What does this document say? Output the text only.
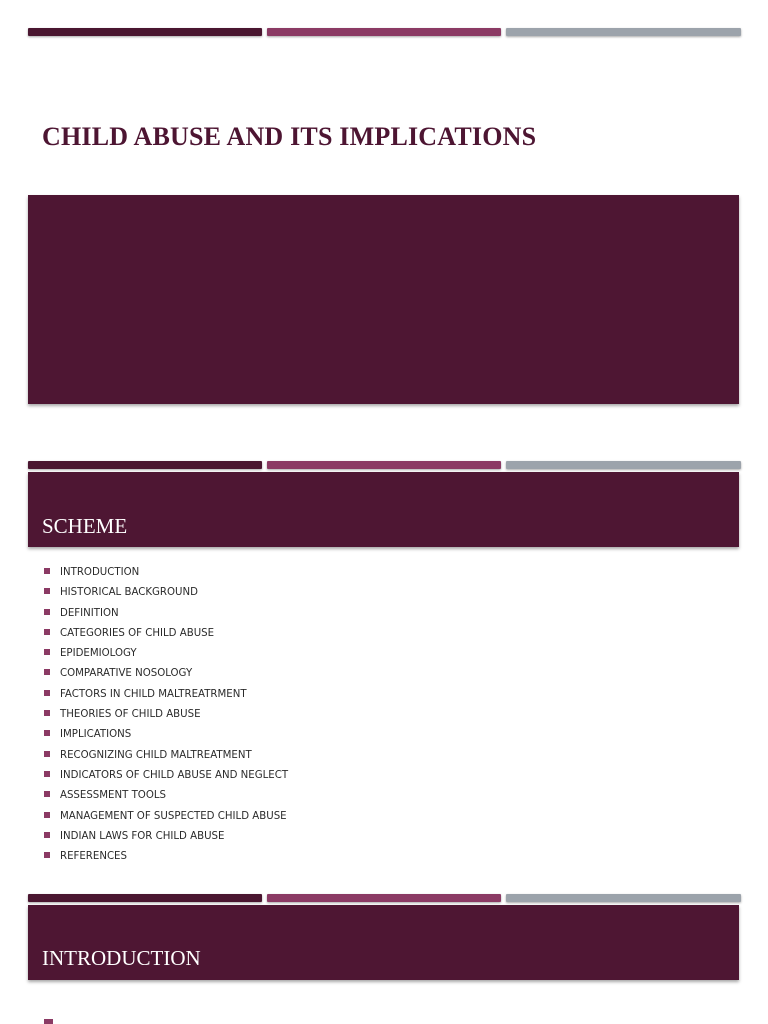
CHILD ABUSE AND ITS IMPLICATIONS
SCHEME
INTRODUCTION
HISTORICAL BACKGROUND
DEFINITION
CATEGORIES OF CHILD ABUSE
EPIDEMIOLOGY
COMPARATIVE NOSOLOGY
FACTORS IN CHILD MALTREATRMENT
THEORIES OF CHILD ABUSE
IMPLICATIONS
RECOGNIZING CHILD MALTREATMENT
INDICATORS OF CHILD ABUSE AND NEGLECT
ASSESSMENT TOOLS
MANAGEMENT OF SUSPECTED CHILD ABUSE
INDIAN LAWS FOR CHILD ABUSE
REFERENCES
INTRODUCTION
